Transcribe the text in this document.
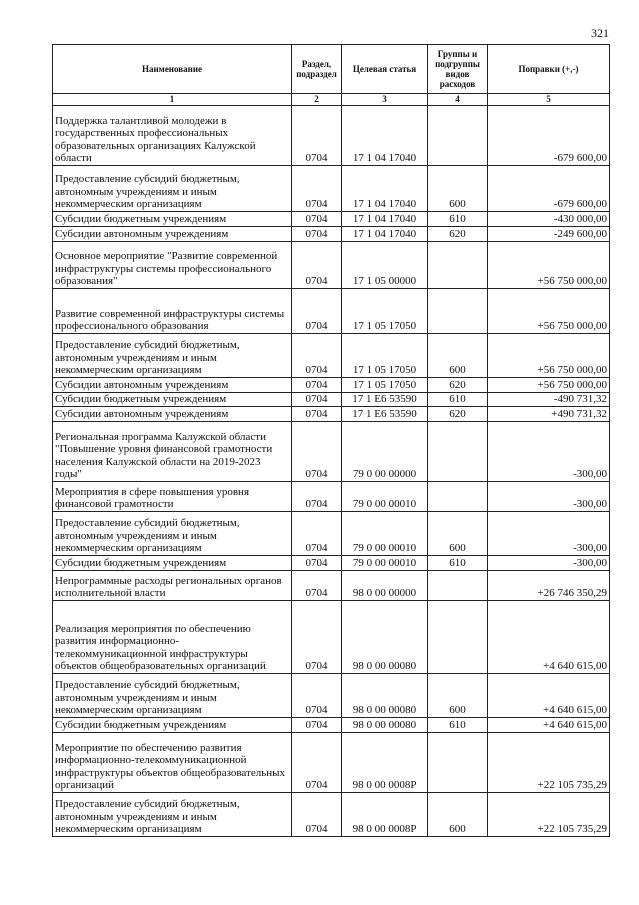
321
Наименование	Раздел, подраздел	Целевая статья	Группы и подгруппы видов расходов	Поправки (+,-)
1	2	3	4	5
Поддержка талантливой молодежи в государственных профессиональных образовательных организациях Калужской области	0704	17 1 04 17040		-679 600,00
Предоставление субсидий бюджетным, автономным учреждениям и иным некоммерческим организациям	0704	17 1 04 17040	600	-679 600,00
Субсидии бюджетным учреждениям	0704	17 1 04 17040	610	-430 000,00
Субсидии автономным учреждениям	0704	17 1 04 17040	620	-249 600,00
Основное мероприятие "Развитие современной инфраструктуры системы профессионального образования"	0704	17 1 05 00000		+56 750 000,00
Развитие современной инфраструктуры системы профессионального образования	0704	17 1 05 17050		+56 750 000,00
Предоставление субсидий бюджетным, автономным учреждениям и иным некоммерческим организациям	0704	17 1 05 17050	600	+56 750 000,00
Субсидии автономным учреждениям	0704	17 1 05 17050	620	+56 750 000,00
Субсидии бюджетным учреждениям	0704	17 1 Е6 53590	610	-490 731,32
Субсидии автономным учреждениям	0704	17 1 Е6 53590	620	+490 731,32
Региональная программа Калужской области "Повышение уровня финансовой грамотности населения Калужской области на 2019-2023 годы"	0704	79 0 00 00000		-300,00
Мероприятия в сфере повышения уровня финансовой грамотности	0704	79 0 00 00010		-300,00
Предоставление субсидий бюджетным, автономным учреждениям и иным некоммерческим организациям	0704	79 0 00 00010	600	-300,00
Субсидии бюджетным учреждениям	0704	79 0 00 00010	610	-300,00
Непрограммные расходы региональных органов исполнительной власти	0704	98 0 00 00000		+26 746 350,29
Реализация мероприятия по обеспечению развития информационно-телекоммуникационной инфраструктуры объектов общеобразовательных организаций	0704	98 0 00 00080		+4 640 615,00
Предоставление субсидий бюджетным, автономным учреждениям и иным некоммерческим организациям	0704	98 0 00 00080	600	+4 640 615,00
Субсидии бюджетным учреждениям	0704	98 0 00 00080	610	+4 640 615,00
Мероприятие по обеспечению развития информационно-телекоммуникационной инфраструктуры объектов общеобразовательных организаций	0704	98 0 00 0008Р		+22 105 735,29
Предоставление субсидий бюджетным, автономным учреждениям и иным некоммерческим организациям	0704	98 0 00 0008Р	600	+22 105 735,29
